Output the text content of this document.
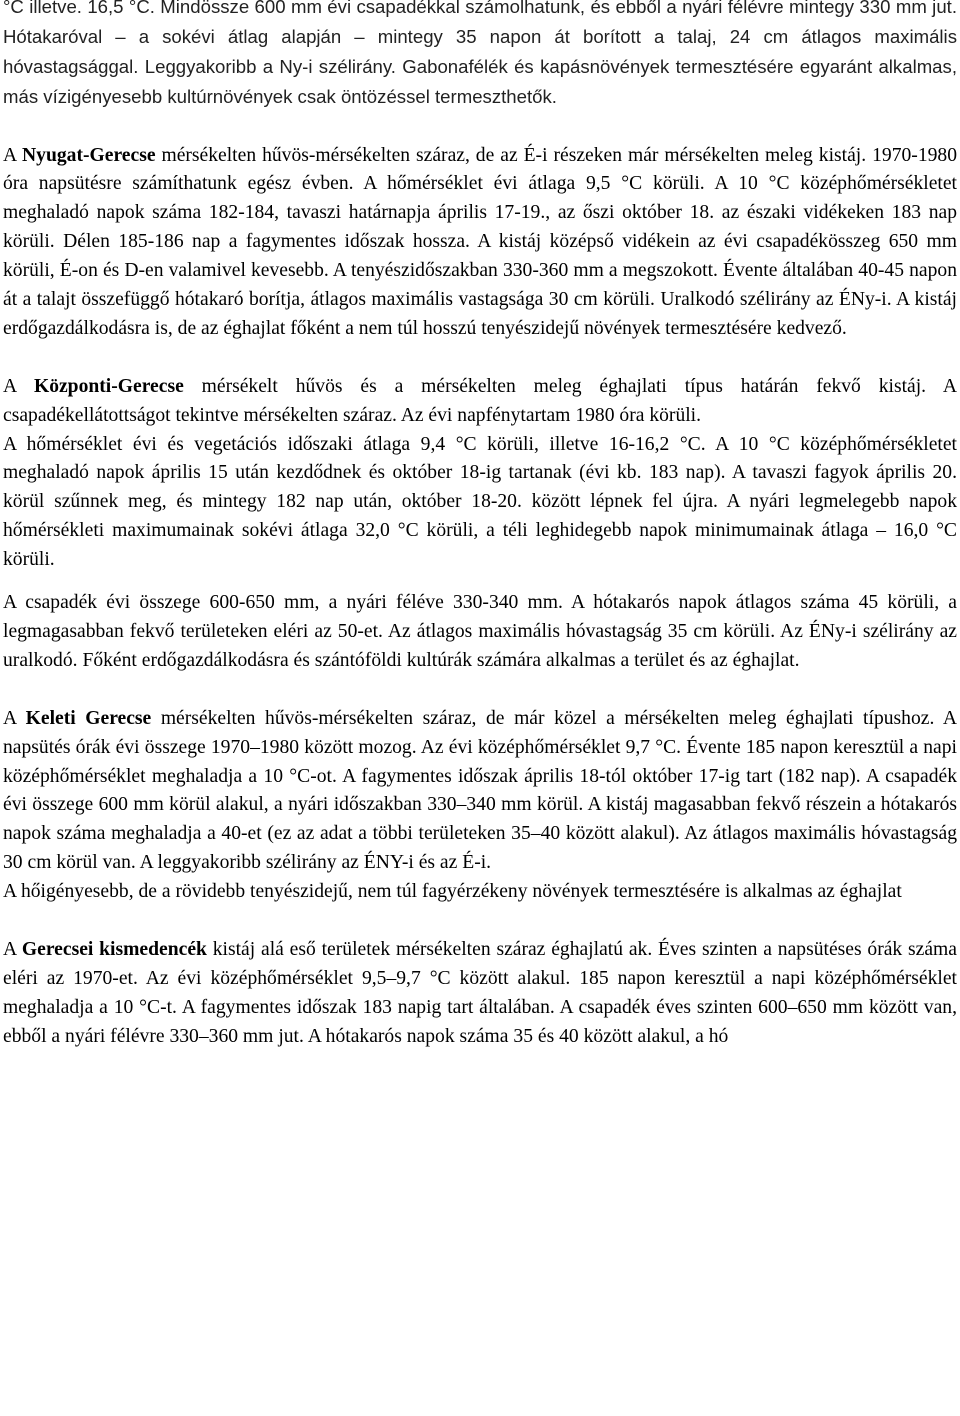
°C illetve. 16,5 °C. Mindössze 600 mm évi csapadékkal számolhatunk, és ebből a nyári félévre mintegy 330 mm jut. Hótakaróval – a sokévi átlag alapján – mintegy 35 napon át borított a talaj, 24 cm átlagos maximális hóvastagsággal. Leggyakoribb a Ny-i szélirány. Gabonafélék és kapásnövények termesztésére egyaránt alkalmas, más vízigényesebb kultúrnövények csak öntözéssel termeszthetők.

A Nyugat-Gerecse mérsékelten hűvös-mérsékelten száraz, de az É-i részeken már mérsékelten meleg kistáj. 1970-1980 óra napsütésre számíthatunk egész évben. A hőmérséklet évi átlaga 9,5 °C körüli. A 10 °C középhőmérsékletet meghaladó napok száma 182-184, tavaszi határnapja április 17-19., az őszi október 18. az északi vidékeken 183 nap körüli. Délen 185-186 nap a fagymentes időszak hossza. A kistáj középső vidékein az évi csapadékösszeg 650 mm körüli, É-on és D-en valamivel kevesebb. A tenyészidőszakban 330-360 mm a megszokott. Évente általában 40-45 napon át a talajt összefüggő hótakaró borítja, átlagos maximális vastagsága 30 cm körüli. Uralkodó szélirány az ÉNy-i. A kistáj erdőgazdálkodásra is, de az éghajlat főként a nem túl hosszú tenyészidejű növények termesztésére kedvező.

A Központi-Gerecse mérsékelt hűvös és a mérsékelten meleg éghajlati típus határán fekvő kistáj. A csapadékellátottságot tekintve mérsékelten száraz. Az évi napfénytartam 1980 óra körüli.

A hőmérséklet évi és vegetációs időszaki átlaga 9,4 °C körüli, illetve 16-16,2 °C. A 10 °C középhőmérsékletet meghaladó napok április 15 után kezdődnek és október 18-ig tartanak (évi kb. 183 nap). A tavaszi fagyok április 20. körül szűnnek meg, és mintegy 182 nap után, október 18-20. között lépnek fel újra. A nyári legmelegebb napok hőmérsékleti maximumainak sokévi átlaga 32,0 °C körüli, a téli leghidegebb napok minimumainak átlaga – 16,0 °C körüli.

A csapadék évi összege 600-650 mm, a nyári féléve 330-340 mm. A hótakarós napok átlagos száma 45 körüli, a legmagasabban fekvő területeken eléri az 50-et. Az átlagos maximális hóvastagság 35 cm körüli. Az ÉNy-i szélirány az uralkodó. Főként erdőgazdálkodásra és szántóföldi kultúrák számára alkalmas a terület és az éghajlat.

A Keleti Gerecse mérsékelten hűvös-mérsékelten száraz, de már közel a mérsékelten meleg éghajlati típushoz. A napsütés órák évi összege 1970–1980 között mozog. Az évi középhőmérséklet 9,7 °C. Évente 185 napon keresztül a napi középhőmérséklet meghaladja a 10 °C-ot. A fagymentes időszak április 18-tól október 17-ig tart (182 nap). A csapadék évi összege 600 mm körül alakul, a nyári időszakban 330–340 mm körül. A kistáj magasabban fekvő részein a hótakarós napok száma meghaladja a 40-et (ez az adat a többi területeken 35–40 között alakul). Az átlagos maximális hóvastagság 30 cm körül van. A leggyakoribb szélirány az ÉNY-i és az É-i.

A hőigényesebb, de a rövidebb tenyészidejű, nem túl fagyérzékeny növények termesztésére is alkalmas az éghajlat

A Gerecsei kismedencék kistáj alá eső területek mérsékelten száraz éghajlatú ak. Éves szinten a napsütéses órák száma eléri az 1970-et. Az évi középhőmérséklet 9,5–9,7 °C között alakul. 185 napon keresztül a napi középhőmérséklet meghaladja a 10 °C-t. A fagymentes időszak 183 napig tart általában. A csapadék éves szinten 600–650 mm között van, ebből a nyári félévre 330–360 mm jut. A hótakarós napok száma 35 és 40 között alakul, a hó
